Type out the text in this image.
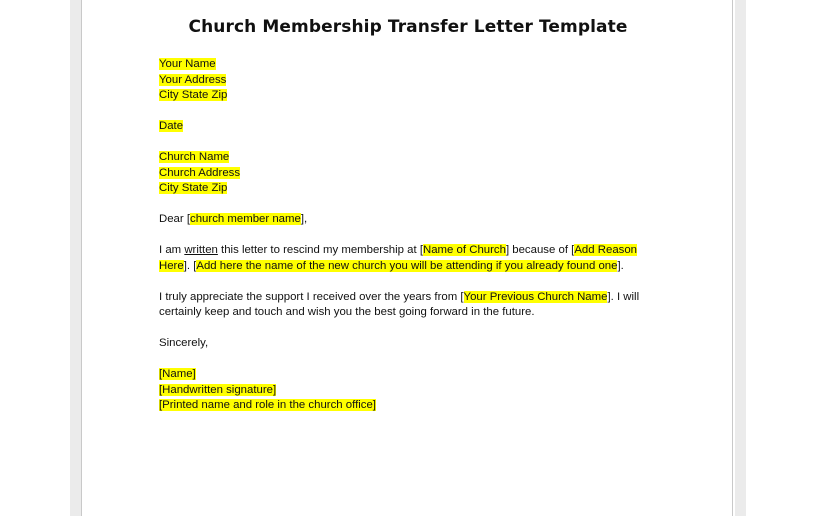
Church Membership Transfer Letter Template
Your Name
Your Address
City State Zip
Date
Church Name
Church Address
City State Zip
Dear [church member name],
I am written this letter to rescind my membership at [Name of Church] because of [Add Reason
Here]. [Add here the name of the new church you will be attending if you already found one].
I truly appreciate the support I received over the years from [Your Previous Church Name]. I will
certainly keep and touch and wish you the best going forward in the future.
Sincerely,
[Name]
[Handwritten signature]
[Printed name and role in the church office]
